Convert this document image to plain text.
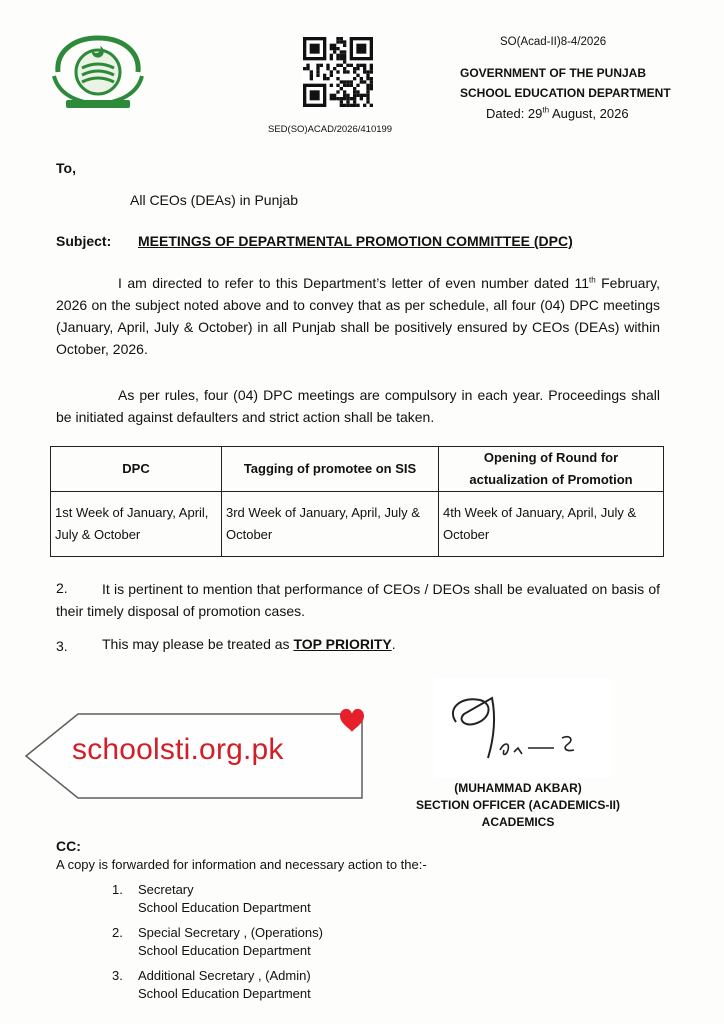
SED(SO)ACAD/2026/410199
SO(Acad-II)8-4/2026
GOVERNMENT OF THE PUNJAB
SCHOOL EDUCATION DEPARTMENT
Dated: 29th August, 2026
To,
All CEOs (DEAs) in Punjab
Subject: MEETINGS OF DEPARTMENTAL PROMOTION COMMITTEE (DPC)
I am directed to refer to this Department’s letter of even number dated 11th February, 2026 on the subject noted above and to convey that as per schedule, all four (04) DPC meetings (January, April, July & October) in all Punjab shall be positively ensured by CEOs (DEAs) within October, 2026.
As per rules, four (04) DPC meetings are compulsory in each year. Proceedings shall be initiated against defaulters and strict action shall be taken.
DPC	Tagging of promotee on SIS	Opening of Round for actualization of Promotion
1st Week of January, April, July & October	3rd Week of January, April, July & October	4th Week of January, April, July & October
2.	It is pertinent to mention that performance of CEOs / DEOs shall be evaluated on basis of their timely disposal of promotion cases.
3. This may please be treated as TOP PRIORITY.
(MUHAMMAD AKBAR)
SECTION OFFICER (ACADEMICS-II)
ACADEMICS
schoolsti.org.pk
CC:
A copy is forwarded for information and necessary action to the:-
1. Secretary
School Education Department
2. Special Secretary , (Operations)
School Education Department
3. Additional Secretary , (Admin)
School Education Department
